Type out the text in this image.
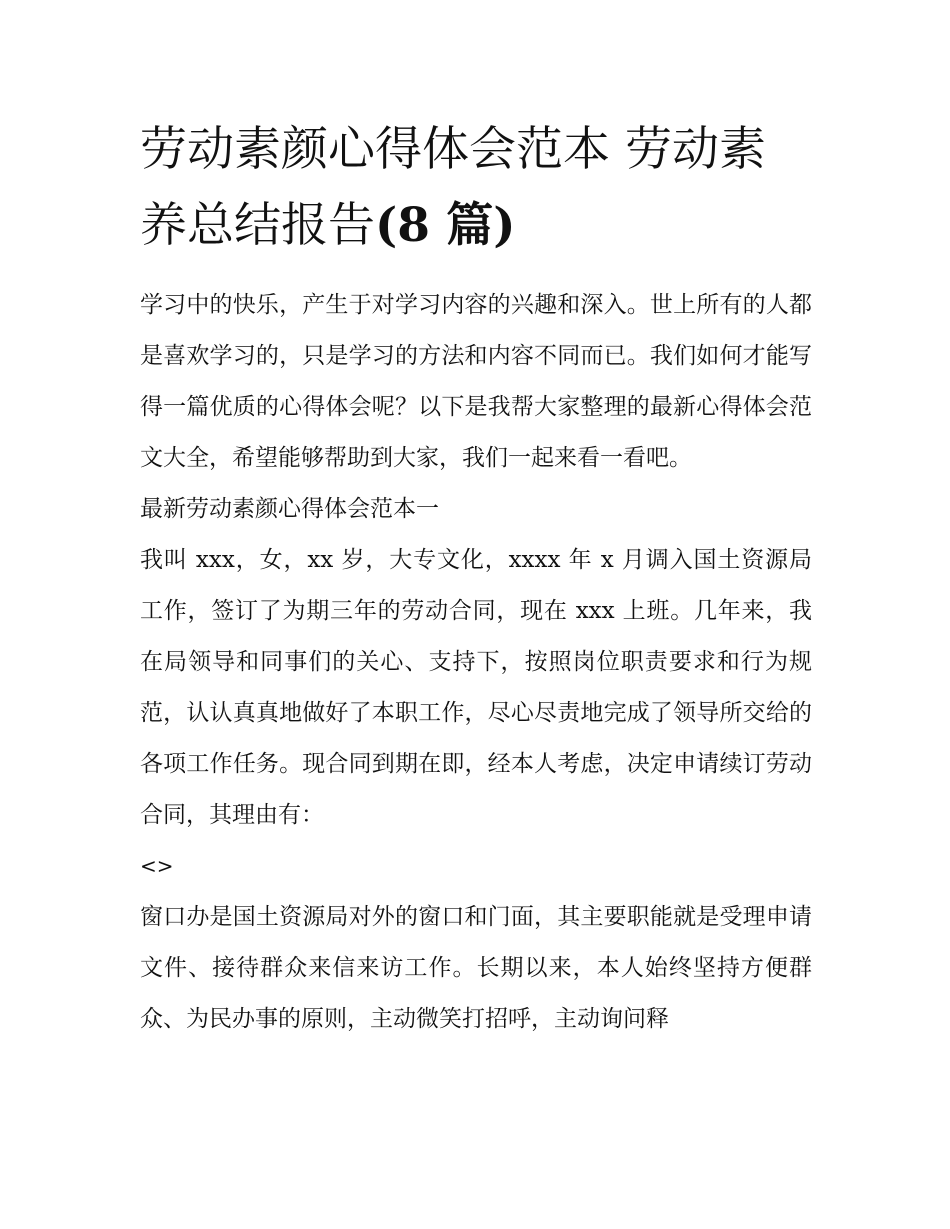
劳动素颜心得体会范本 劳动素
养总结报告(8 篇)

学习中的快乐，产生于对学习内容的兴趣和深入。世上所有的人都是喜欢学习的，只是学习的方法和内容不同而已。我们如何才能写得一篇优质的心得体会呢？以下是我帮大家整理的最新心得体会范文大全，希望能够帮助到大家，我们一起来看一看吧。

最新劳动素颜心得体会范本一

我叫 xxx，女，xx 岁，大专文化，xxxx 年 x 月调入国土资源局工作，签订了为期三年的劳动合同，现在 xxx 上班。几年来，我在局领导和同事们的关心、支持下，按照岗位职责要求和行为规范，认认真真地做好了本职工作，尽心尽责地完成了领导所交给的各项工作任务。现合同到期在即，经本人考虑，决定申请续订劳动合同，其理由有：

<>

窗口办是国土资源局对外的窗口和门面，其主要职能就是受理申请文件、接待群众来信来访工作。长期以来，本人始终坚持方便群众、为民办事的原则，主动微笑打招呼，主动询问释
